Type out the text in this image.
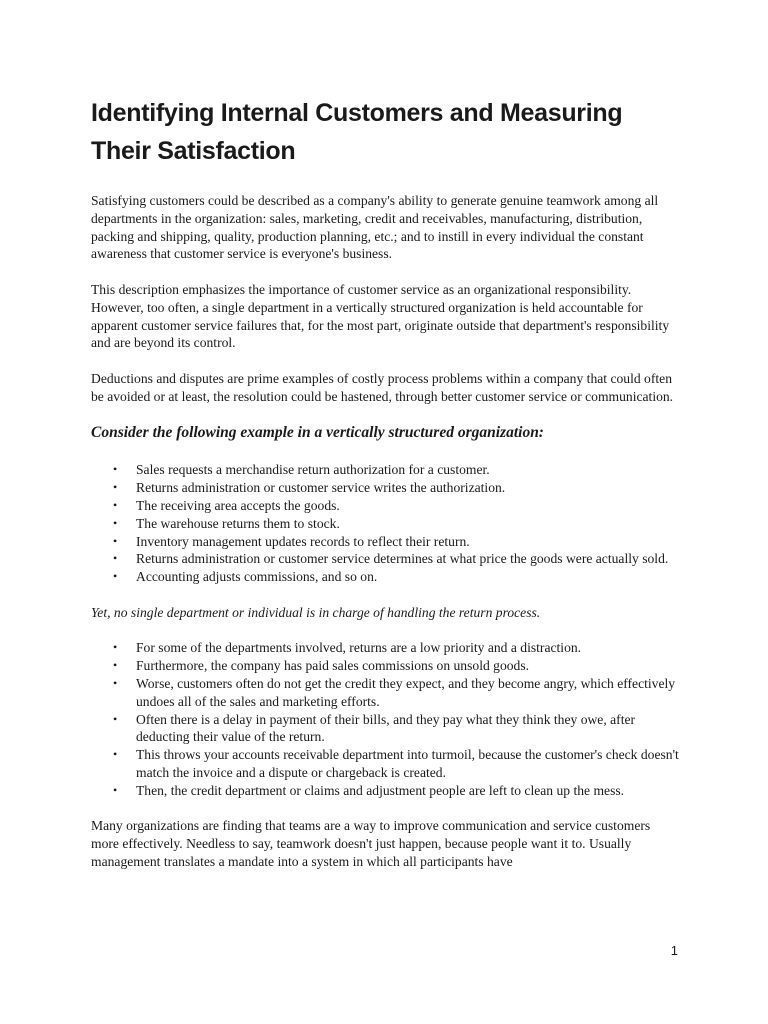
Identifying Internal Customers and Measuring Their Satisfaction

Satisfying customers could be described as a company's ability to generate genuine teamwork among all departments in the organization: sales, marketing, credit and receivables, manufacturing, distribution, packing and shipping, quality, production planning, etc.; and to instill in every individual the constant awareness that customer service is everyone's business.

This description emphasizes the importance of customer service as an organizational responsibility. However, too often, a single department in a vertically structured organization is held accountable for apparent customer service failures that, for the most part, originate outside that department's responsibility and are beyond its control.

Deductions and disputes are prime examples of costly process problems within a company that could often be avoided or at least, the resolution could be hastened, through better customer service or communication.

Consider the following example in a vertically structured organization:
• Sales requests a merchandise return authorization for a customer.
• Returns administration or customer service writes the authorization.
• The receiving area accepts the goods.
• The warehouse returns them to stock.
• Inventory management updates records to reflect their return.
• Returns administration or customer service determines at what price the goods were actually sold.
• Accounting adjusts commissions, and so on.

Yet, no single department or individual is in charge of handling the return process.

• For some of the departments involved, returns are a low priority and a distraction.
• Furthermore, the company has paid sales commissions on unsold goods.
• Worse, customers often do not get the credit they expect, and they become angry, which effectively undoes all of the sales and marketing efforts.
• Often there is a delay in payment of their bills, and they pay what they think they owe, after deducting their value of the return.
• This throws your accounts receivable department into turmoil, because the customer's check doesn't match the invoice and a dispute or chargeback is created.
• Then, the credit department or claims and adjustment people are left to clean up the mess.

Many organizations are finding that teams are a way to improve communication and service customers more effectively. Needless to say, teamwork doesn't just happen, because people want it to. Usually management translates a mandate into a system in which all participants have

1
